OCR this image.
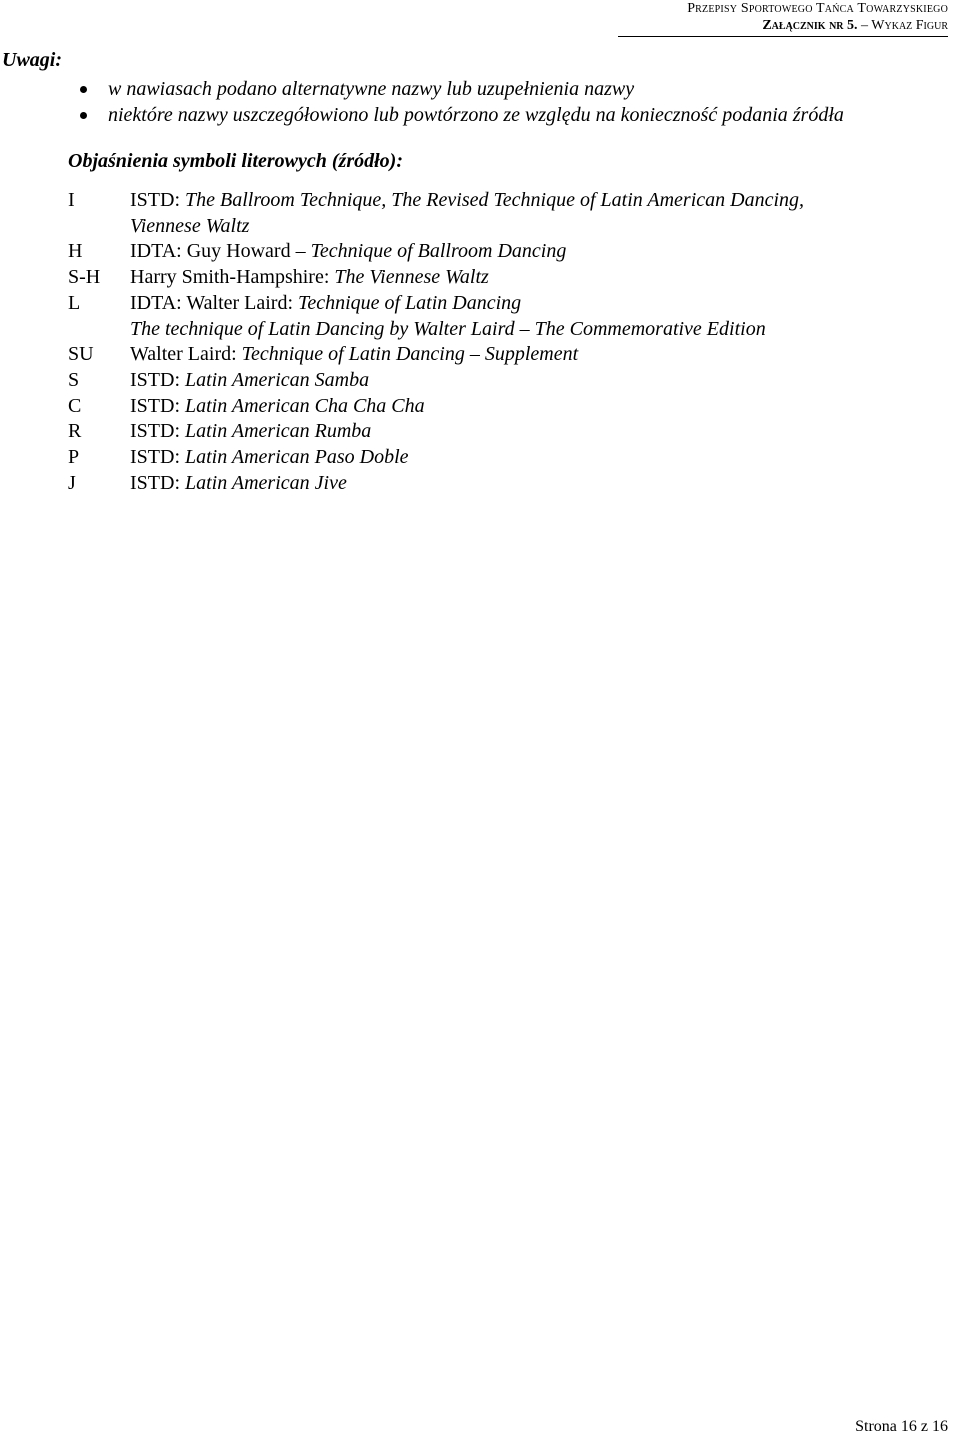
Przepisy Sportowego Tańca Towarzyskiego
Załącznik nr 5. – Wykaz Figur
Uwagi:
w nawiasach podano alternatywne nazwy lub uzupełnienia nazwy
niektóre nazwy uszczegółowiono lub powtórzono ze względu na konieczność podania źródła
Objaśnienia symboli literowych (źródło):
I	ISTD: The Ballroom Technique, The Revised Technique of Latin American Dancing,
Viennese Waltz
H	IDTA: Guy Howard – Technique of Ballroom Dancing
S-H	Harry Smith-Hampshire: The Viennese Waltz
L	IDTA: Walter Laird: Technique of Latin Dancing
The technique of Latin Dancing by Walter Laird – The Commemorative Edition
SU	Walter Laird: Technique of Latin Dancing – Supplement
S	ISTD: Latin American Samba
C	ISTD: Latin American Cha Cha Cha
R	ISTD: Latin American Rumba
P	ISTD: Latin American Paso Doble
J	ISTD: Latin American Jive
Strona 16 z 16
